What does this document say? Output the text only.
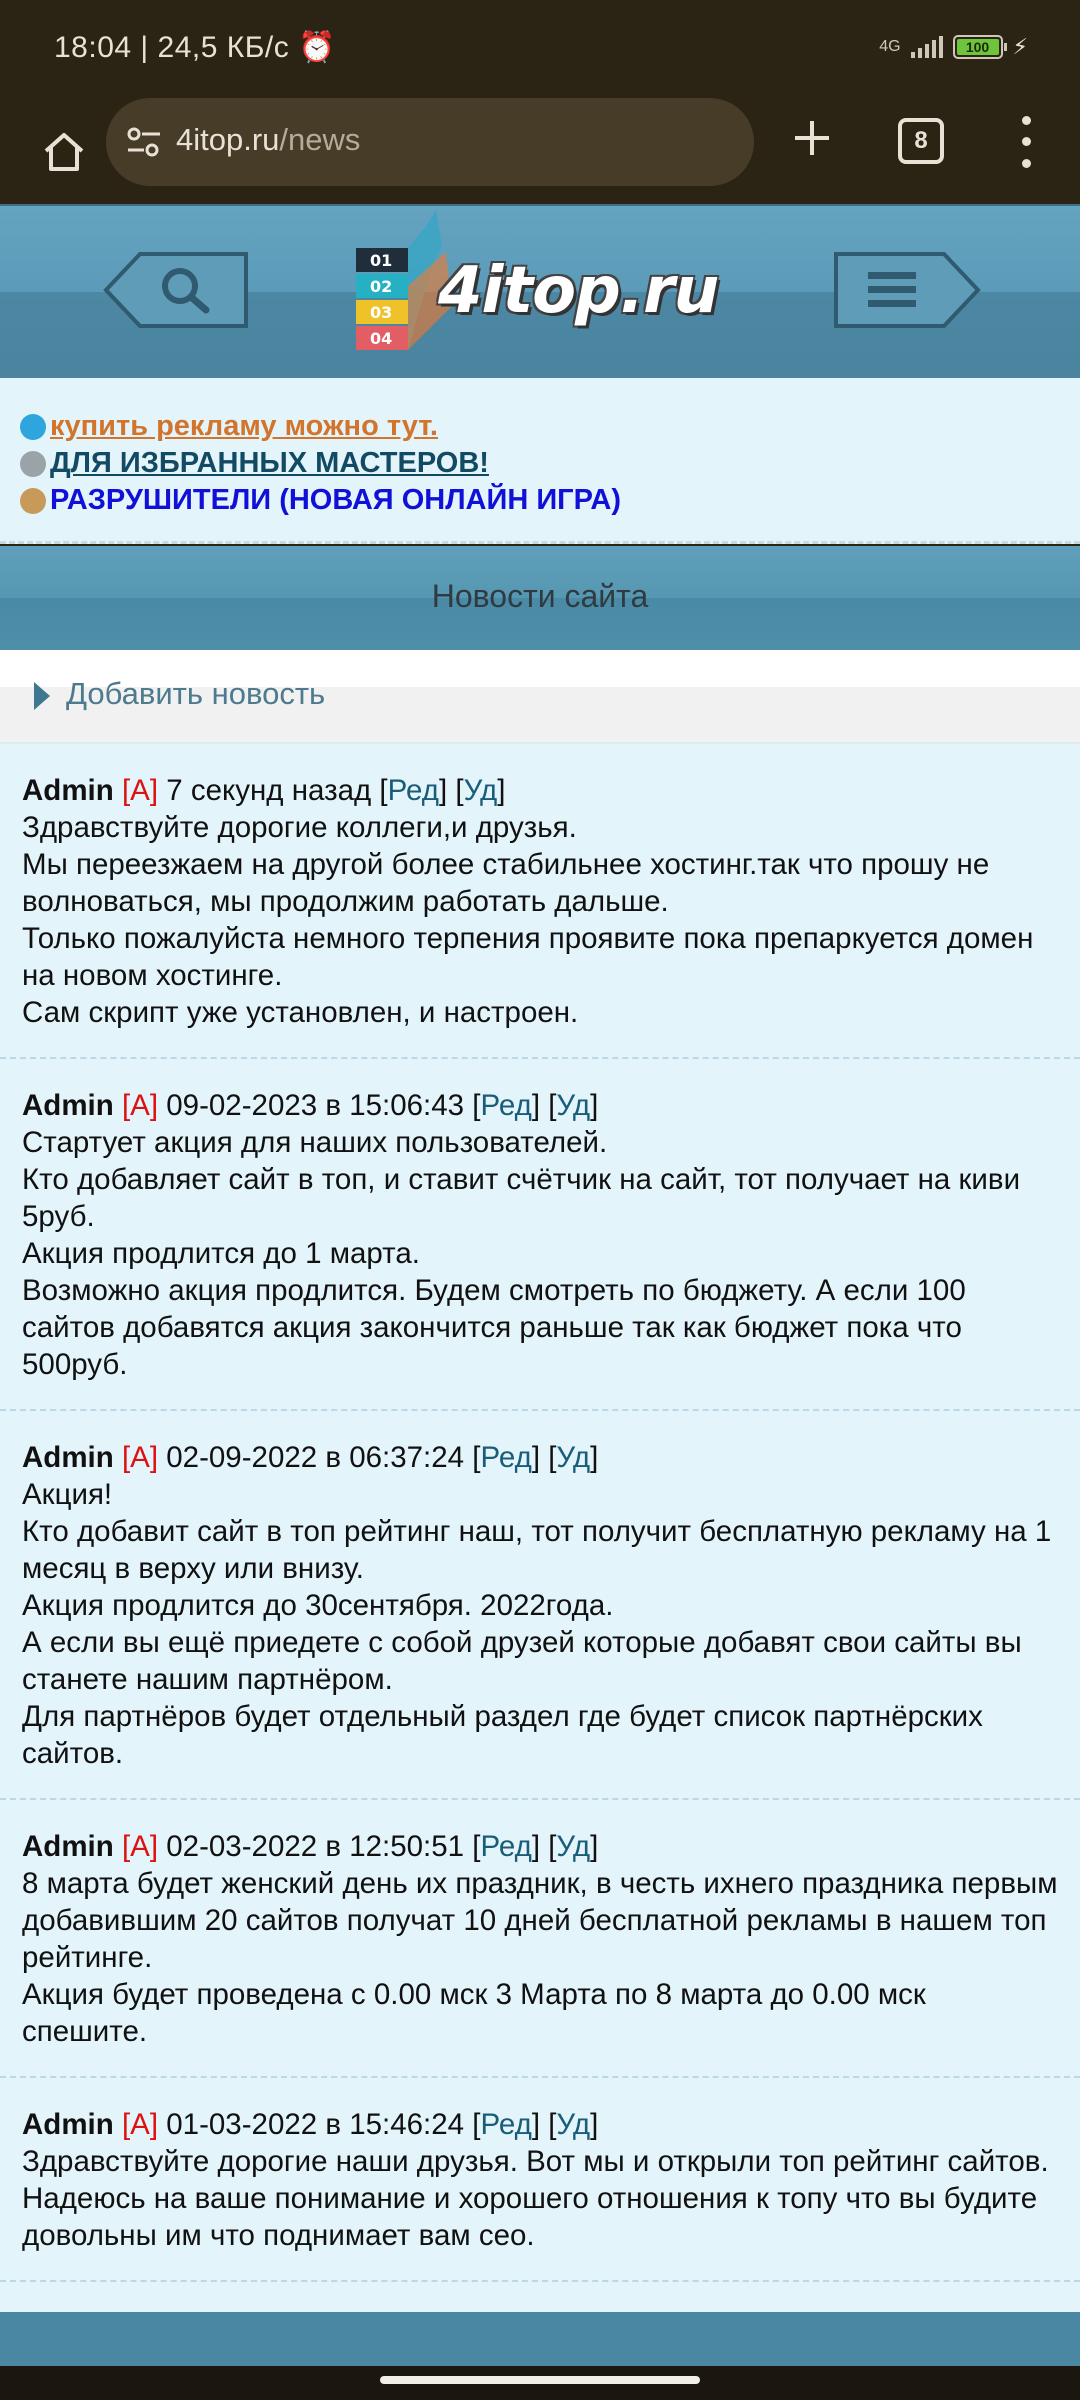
18:04 | 24,5 КБ/с ⏰	4G	100	⚡
4itop.ru/news	8
01
02
03
04
4itop.ru
купить рекламу можно тут.
ДЛЯ ИЗБРАННЫХ МАСТЕРОВ!
РАЗРУШИТЕЛИ (НОВАЯ ОНЛАЙН ИГРА)
Новости сайта
Добавить новость
Admin [A] 7 секунд назад [Ред] [Уд]
Здравствуйте дорогие коллеги,и друзья.
Мы переезжаем на другой более стабильнее хостинг.так что прошу не волноваться, мы продолжим работать дальше.
Только пожалуйста немного терпения проявите пока препаркуется домен на новом хостинге.
Сам скрипт уже установлен, и настроен.
Admin [A] 09-02-2023 в 15:06:43 [Ред] [Уд]
Стартует акция для наших пользователей.
Кто добавляет сайт в топ, и ставит счётчик на сайт, тот получает на киви 5руб.
Акция продлится до 1 марта.
Возможно акция продлится. Будем смотреть по бюджету. А если 100 сайтов добавятся акция закончится раньше так как бюджет пока что 500руб.
Admin [A] 02-09-2022 в 06:37:24 [Ред] [Уд]
Акция!
Кто добавит сайт в топ рейтинг наш, тот получит бесплатную рекламу на 1 месяц в верху или внизу.
Акция продлится до 30сентября. 2022года.
А если вы ещё приедете с собой друзей которые добавят свои сайты вы станете нашим партнёром.
Для партнёров будет отдельный раздел где будет список партнёрских сайтов.
Admin [A] 02-03-2022 в 12:50:51 [Ред] [Уд]
8 марта будет женский день их праздник, в честь ихнего праздника первым добавившим 20 сайтов получат 10 дней бесплатной рекламы в нашем топ рейтинге.
Акция будет проведена с 0.00 мск 3 Марта по 8 марта до 0.00 мск спешите.
Admin [A] 01-03-2022 в 15:46:24 [Ред] [Уд]
Здравствуйте дорогие наши друзья. Вот мы и открыли топ рейтинг сайтов.
Надеюсь на ваше понимание и хорошего отношения к топу что вы будите довольны им что поднимает вам сео.
